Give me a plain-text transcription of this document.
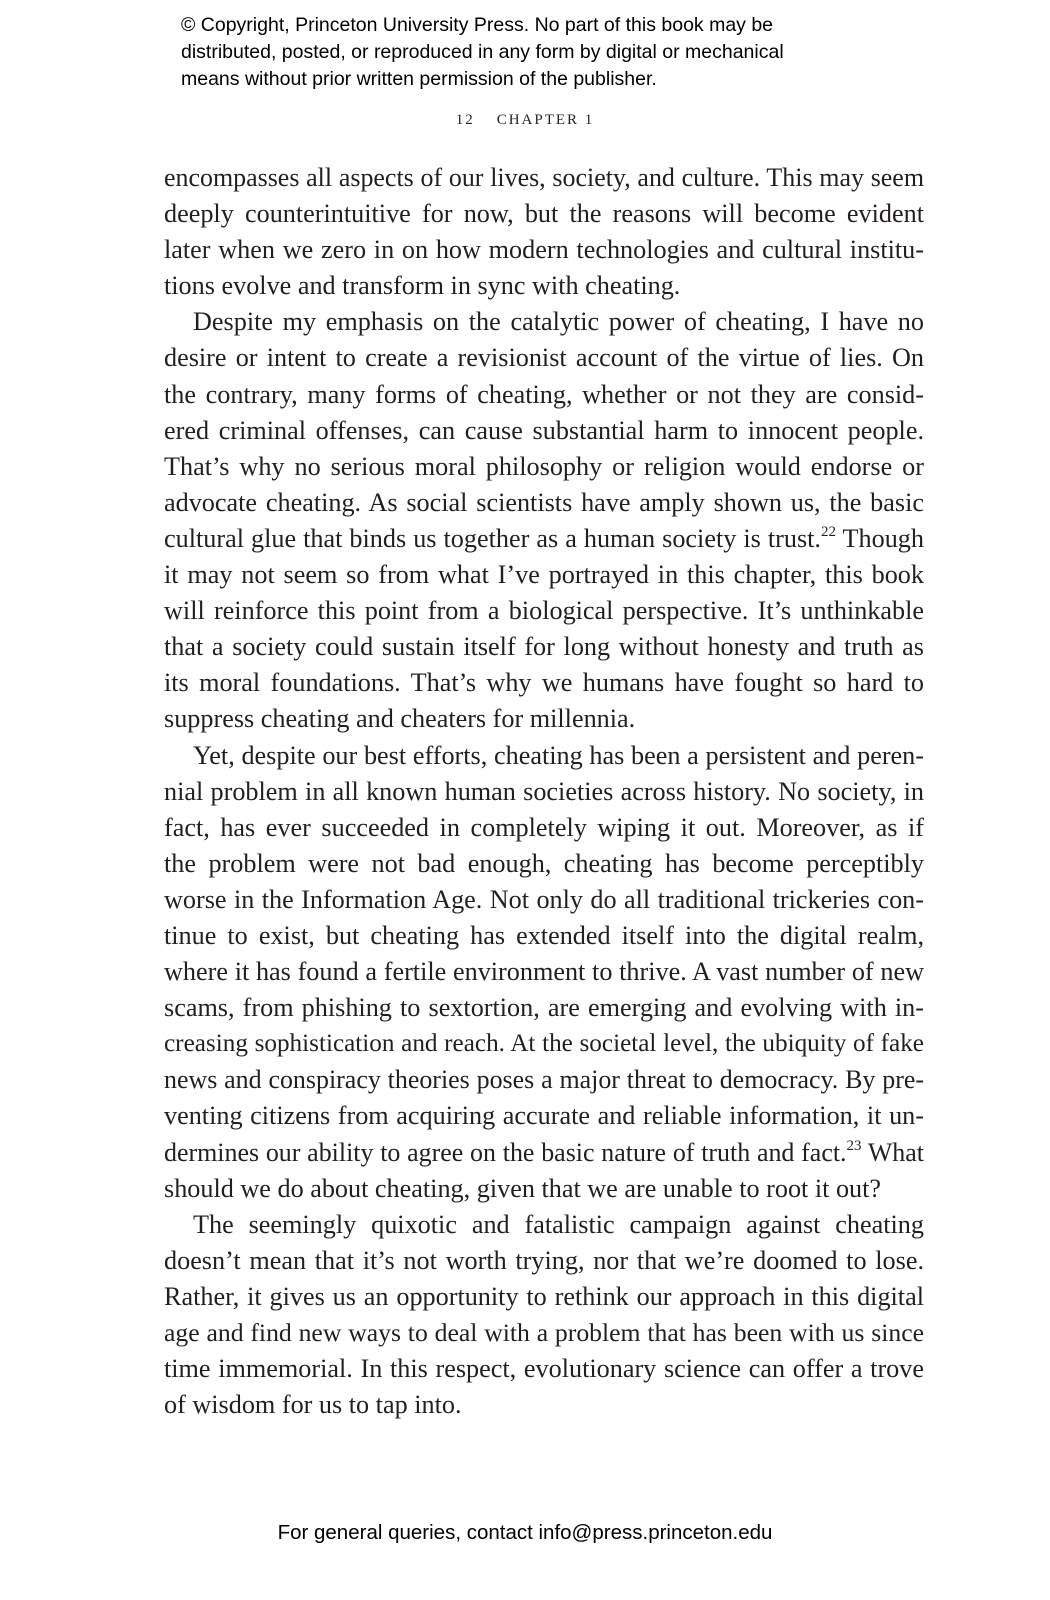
© Copyright, Princeton University Press. No part of this book may be
distributed, posted, or reproduced in any form by digital or mechanical
means without prior written permission of the publisher.
12 CHAPTER 1

encompasses all aspects of our lives, society, and culture. This may seem
deeply counterintuitive for now, but the reasons will become evident
later when we zero in on how modern technologies and cultural institu-
tions evolve and transform in sync with cheating.

Despite my emphasis on the catalytic power of cheating, I have no
desire or intent to create a revisionist account of the virtue of lies. On
the contrary, many forms of cheating, whether or not they are consid-
ered criminal offenses, can cause substantial harm to innocent people.
That’s why no serious moral philosophy or religion would endorse or
advocate cheating. As social scientists have amply shown us, the basic
cultural glue that binds us together as a human society is trust.$^{22}$ Though
it may not seem so from what I’ve portrayed in this chapter, this book
will reinforce this point from a biological perspective. It’s unthinkable
that a society could sustain itself for long without honesty and truth as
its moral foundations. That’s why we humans have fought so hard to
suppress cheating and cheaters for millennia.

Yet, despite our best efforts, cheating has been a persistent and peren-
nial problem in all known human societies across history. No society, in
fact, has ever succeeded in completely wiping it out. Moreover, as if
the problem were not bad enough, cheating has become perceptibly
worse in the Information Age. Not only do all traditional trickeries con-
tinue to exist, but cheating has extended itself into the digital realm,
where it has found a fertile environment to thrive. A vast number of new
scams, from phishing to sextortion, are emerging and evolving with in-
creasing sophistication and reach. At the societal level, the ubiquity of fake
news and conspiracy theories poses a major threat to democracy. By pre-
venting citizens from acquiring accurate and reliable information, it un-
dermines our ability to agree on the basic nature of truth and fact.$^{23}$ What
should we do about cheating, given that we are unable to root it out?

The seemingly quixotic and fatalistic campaign against cheating
doesn’t mean that it’s not worth trying, nor that we’re doomed to lose.
Rather, it gives us an opportunity to rethink our approach in this digital
age and find new ways to deal with a problem that has been with us since
time immemorial. In this respect, evolutionary science can offer a trove
of wisdom for us to tap into.

For general queries, contact info@press.princeton.edu
